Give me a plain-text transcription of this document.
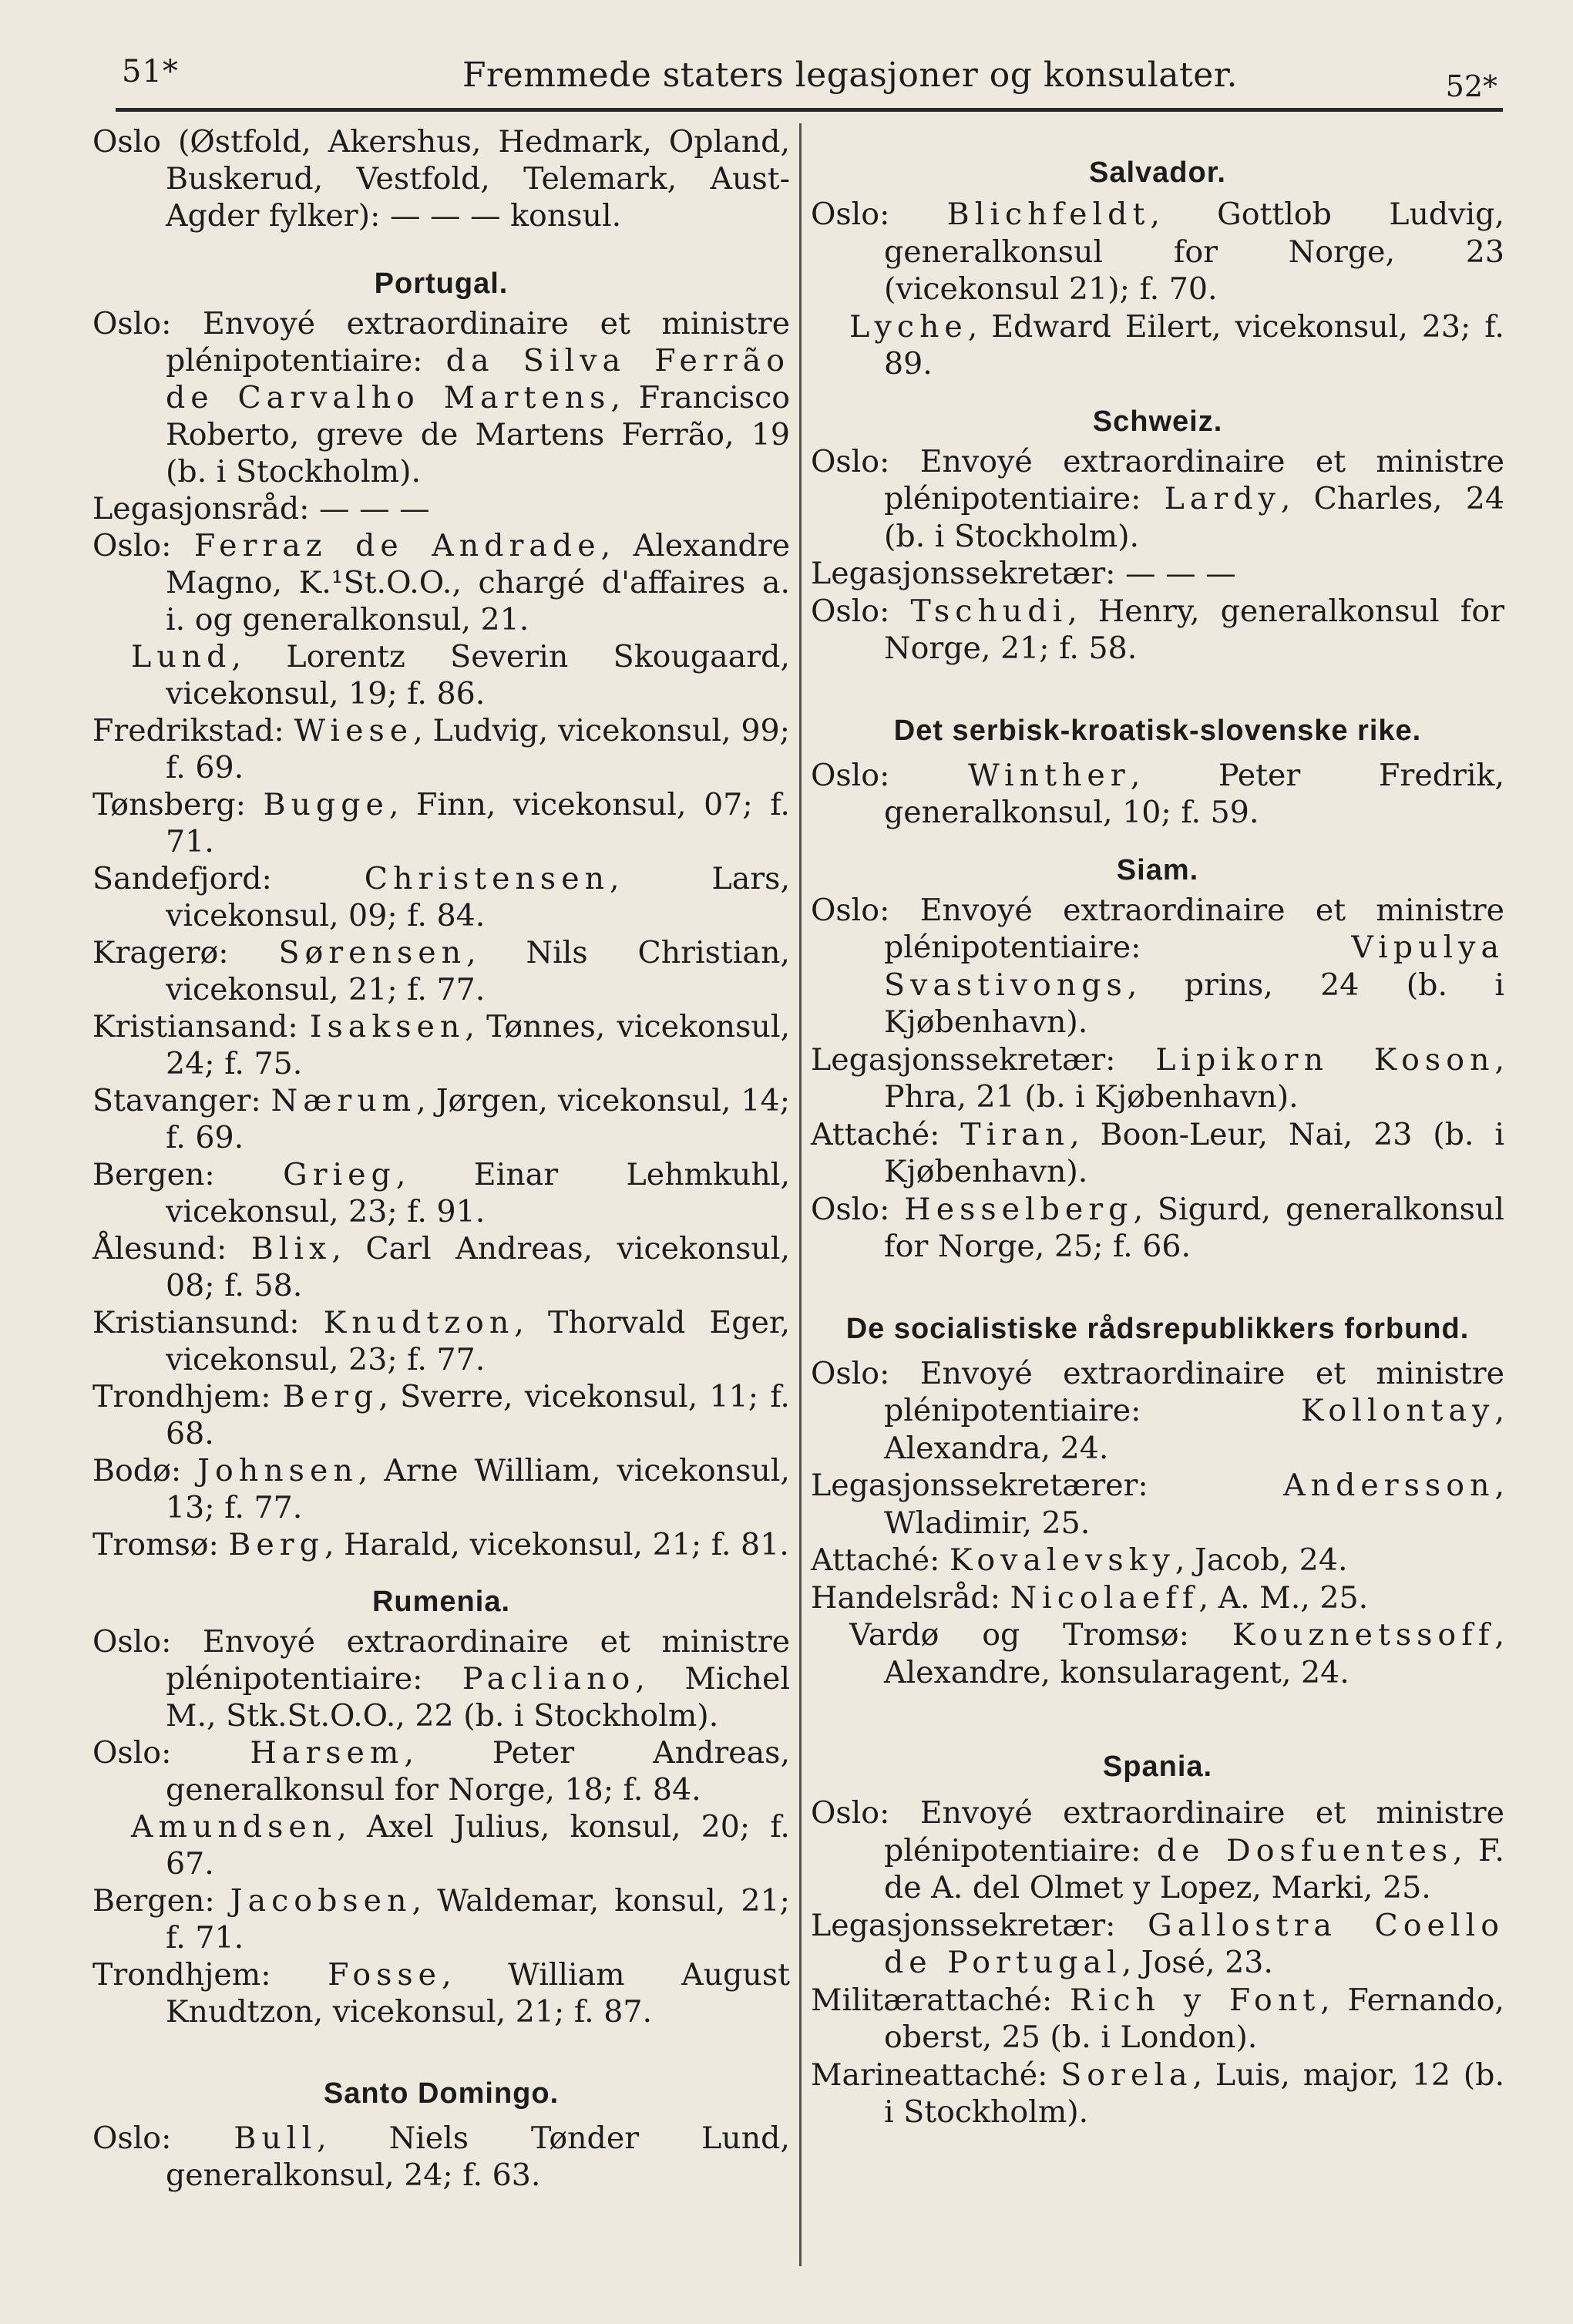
51*	Fremmede staters legasjoner og konsulater.	52*
Oslo (Østfold, Akershus, Hedmark, Opland, Buskerud, Vestfold, Telemark, Aust-Agder fylker): — — — konsul.
Portugal.
Oslo: Envoyé extraordinaire et ministre plénipotentiaire: da Silva Ferrão de Carvalho Martens, Francisco Roberto, greve de Martens Ferrão, 19 (b. i Stockholm).
Legasjonsråd: — — —
Oslo: Ferraz de Andrade, Alexandre Magno, K.¹St.O.O., chargé d'affaires a. i. og generalkonsul, 21.
Lund, Lorentz Severin Skougaard, vicekonsul, 19; f. 86.
Fredrikstad: Wiese, Ludvig, vicekonsul, 99; f. 69.
Tønsberg: Bugge, Finn, vicekonsul, 07; f. 71.
Sandefjord: Christensen, Lars, vicekonsul, 09; f. 84.
Kragerø: Sørensen, Nils Christian, vicekonsul, 21; f. 77.
Kristiansand: Isaksen, Tønnes, vicekonsul, 24; f. 75.
Stavanger: Nærum, Jørgen, vicekonsul, 14; f. 69.
Bergen: Grieg, Einar Lehmkuhl, vicekonsul, 23; f. 91.
Ålesund: Blix, Carl Andreas, vicekonsul, 08; f. 58.
Kristiansund: Knudtzon, Thorvald Eger, vicekonsul, 23; f. 77.
Trondhjem: Berg, Sverre, vicekonsul, 11; f. 68.
Bodø: Johnsen, Arne William, vicekonsul, 13; f. 77.
Tromsø: Berg, Harald, vicekonsul, 21; f. 81.
Rumenia.
Oslo: Envoyé extraordinaire et ministre plénipotentiaire: Pacliano, Michel M., Stk.St.O.O., 22 (b. i Stockholm).
Oslo: Harsem, Peter Andreas, generalkonsul for Norge, 18; f. 84.
Amundsen, Axel Julius, konsul, 20; f. 67.
Bergen: Jacobsen, Waldemar, konsul, 21; f. 71.
Trondhjem: Fosse, William August Knudtzon, vicekonsul, 21; f. 87.
Santo Domingo.
Oslo: Bull, Niels Tønder Lund, generalkonsul, 24; f. 63.
Salvador.
Oslo: Blichfeldt, Gottlob Ludvig, generalkonsul for Norge, 23 (vicekonsul 21); f. 70.
Lyche, Edward Eilert, vicekonsul, 23; f. 89.
Schweiz.
Oslo: Envoyé extraordinaire et ministre plénipotentiaire: Lardy, Charles, 24 (b. i Stockholm).
Legasjonssekretær: — — —
Oslo: Tschudi, Henry, generalkonsul for Norge, 21; f. 58.
Det serbisk-kroatisk-slovenske rike.
Oslo: Winther, Peter Fredrik, generalkonsul, 10; f. 59.
Siam.
Oslo: Envoyé extraordinaire et ministre plénipotentiaire: Vipulya Svastivongs, prins, 24 (b. i Kjøbenhavn).
Legasjonssekretær: Lipikorn Koson, Phra, 21 (b. i Kjøbenhavn).
Attaché: Tiran, Boon-Leur, Nai, 23 (b. i Kjøbenhavn).
Oslo: Hesselberg, Sigurd, generalkonsul for Norge, 25; f. 66.
De socialistiske rådsrepublikkers forbund.
Oslo: Envoyé extraordinaire et ministre plénipotentiaire: Kollontay, Alexandra, 24.
Legasjonssekretærer: Andersson, Wladimir, 25.
Attaché: Kovalevsky, Jacob, 24.
Handelsråd: Nicolaeff, A. M., 25.
Vardø og Tromsø: Kouznetssoff, Alexandre, konsularagent, 24.
Spania.
Oslo: Envoyé extraordinaire et ministre plénipotentiaire: de Dosfuentes, F. de A. del Olmet y Lopez, Marki, 25.
Legasjonssekretær: Gallostra Coello de Portugal, José, 23.
Militærattaché: Rich y Font, Fernando, oberst, 25 (b. i London).
Marineattaché: Sorela, Luis, major, 12 (b. i Stockholm).
